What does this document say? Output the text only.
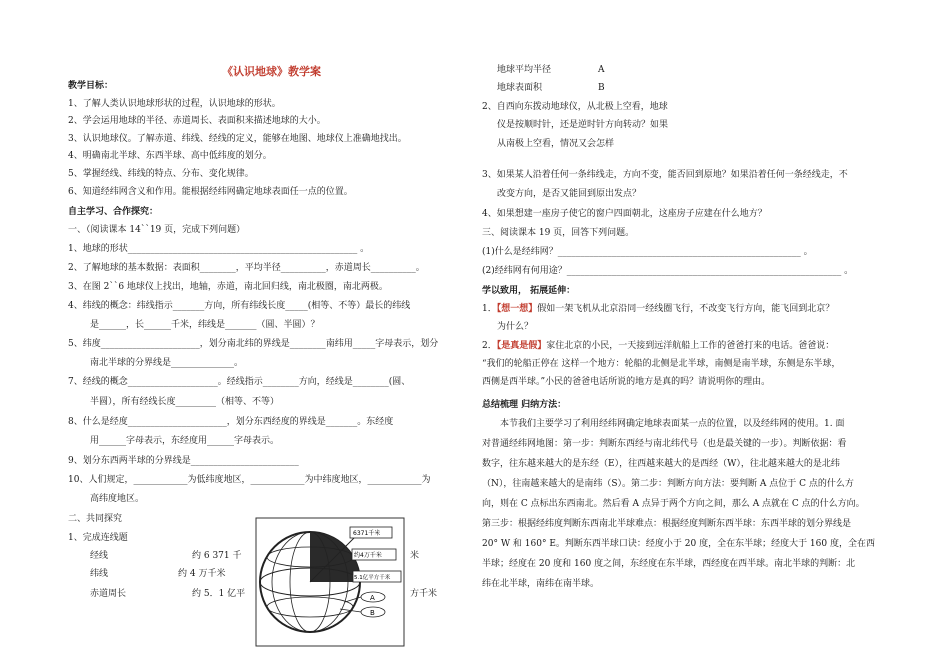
《认识地球》教学案
教学目标：
1、了解人类认识地球形状的过程，认识地球的形状。
2、学会运用地球的半径、赤道周长、表面积来描述地球的大小。
3、认识地球仪。了解赤道、纬线、经线的定义，能够在地图、地球仪上准确地找出。
4、明确南北半球、东西半球、高中低纬度的划分。
5、掌握经线、纬线的特点、分布、变化规律。
6、知道经纬网含义和作用。能根据经纬网确定地球表面任一点的位置。
自主学习、合作探究：
一、（阅读课本 14``19 页，完成下列问题）
1、地球的形状___________________________________________________ 。
2、了解地球的基本数据：表面积________，平均半径__________，赤道周长__________。
3、在图 2``6 地球仪上找出，地轴，赤道，南北回归线，南北极圈，南北两极。
4、纬线的概念：纬线指示_______方向，所有纬线长度_____(相等、不等）最长的纬线
是______，长______千米，纬线是_______（圆、半圆）？
5、纬度______________________，划分南北纬的界线是________南纬用_____字母表示，划分
南北半球的分界线是______________。
7、经线的概念____________________。经线指示________方向，经线是________(圆、
半圆），所有经线长度_________（相等、不等）
8、什么是经度______________________，划分东西经度的界线是_______。东经度
用______字母表示，东经度用______字母表示。
9、划分东西两半球的分界线是________________________
10、人们规定，____________为低纬度地区，____________为中纬度地区，____________为
高纬度地区。
二、共同探究
1、完成连线题
经线
纬线
赤道周长
约 6 371 千
约 4 万千米
约 5．1 亿平
米
方千米
6371千米
约4万千米
5.1亿平方千米
A
B
地球平均半径	A
地球表面积	B
2、自西向东拨动地球仪，从北极上空看，地球
仪是按顺时针，还是逆时针方向转动？如果
从南极上空看，情况又会怎样
3、如果某人沿着任何一条纬线走，方向不变，能否回到原地？如果沿着任何一条经线走，不
改变方向，是否又能回到原出发点？
4、如果想建一座房子使它的窗户四面朝北，这座房子应建在什么地方？
三、阅读课本 19 页，回答下列问题。
(1)什么是经纬网？______________________________________________________ 。
(2)经纬网有何用途？_____________________________________________________________ 。
学以致用， 拓展延伸：
1．【想一想】假如一架飞机从北京沿同一经线圈飞行，不改变飞行方向，能飞回到北京？
为什么？
2．【是真是假】家住北京的小民，一天接到远洋航船上工作的爸爸打来的电话。爸爸说：
“我们的轮船正停在 这样一个地方：轮船的北侧是北半球，南侧是南半球，东侧是东半球，
西侧是西半球。”小民的爸爸电话所说的地方是真的吗？请说明你的理由。
总结梳理 归纳方法：
本节我们主要学习了利用经纬网确定地球表面某一点的位置，以及经纬网的使用。1. 面
对普通经纬网地图：第一步：判断东西经与南北纬代号（也是最关键的一步）。判断依据：看
数字，往东越来越大的是东经（E），往西越来越大的是西经（W），往北越来越大的是北纬
（N），往南越来越大的是南纬（S）。第二步：判断方向方法：要判断 A 点位于 C 点的什么方
向，则在 C 点标出东西南北。然后看 A 点异于两个方向之间，那么 A 点就在 C 点的什么方向。
第三步：根据经纬度判断东西南北半球难点：根据经度判断东西半球：东西半球的划分界线是
20° W 和 160° E。判断东西半球口诀：经度小于 20 度，全在东半球；经度大于 160 度，全在西
半球；经度在 20 度和 160 度之间，东经度在东半球，西经度在西半球。南北半球的判断：北
纬在北半球，南纬在南半球。
